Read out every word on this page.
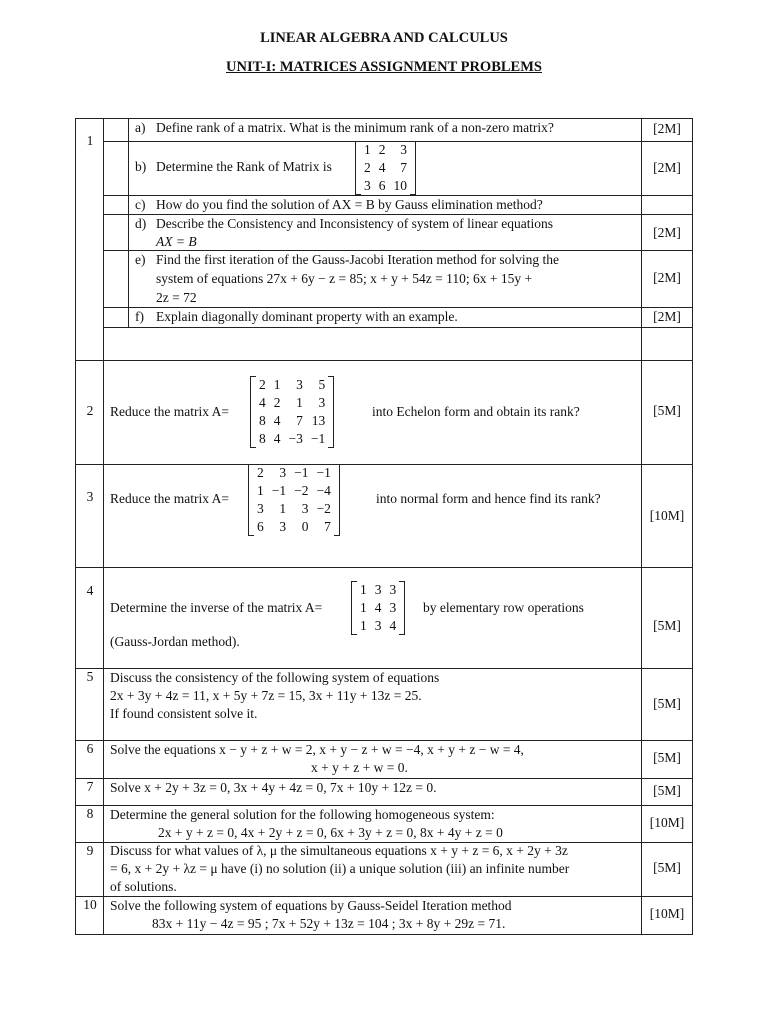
LINEAR ALGEBRA AND CALCULUS
UNIT-I: MATRICES ASSIGNMENT PROBLEMS
1
a) Define rank of a matrix. What is the minimum rank of a non-zero matrix?	[2M]
b) Determine the Rank of Matrix is
1	2	3
2	4	7
3	6	10
[2M]
c) How do you find the solution of AX = B by Gauss elimination method?
d) Describe the Consistency and Inconsistency of system of linear equations
AX = B
[2M]
e) Find the first iteration of the Gauss-Jacobi Iteration method for solving the
system of equations 27x + 6y − z = 85; x + y + 54z = 110; 6x + 15y +
2z = 72
[2M]
f) Explain diagonally dominant property with an example.	[2M]
2	Reduce the matrix A=
2	1	3	5
4	2	1	3
8	4	7	13
8	4	−3	−1
into Echelon form and obtain its rank?	[5M]
3	Reduce the matrix A=
2	3	−1	−1
1	−1	−2	−4
3	1	3	−2
6	3	0	7
into normal form and hence find its rank?
[10M]
4
Determine the inverse of the matrix A=
1	3	3
1	4	3
1	3	4
by elementary row operations
(Gauss-Jordan method).
[5M]
5	Discuss the consistency of the following system of equations
2x + 3y + 4z = 11, x + 5y + 7z = 15, 3x + 11y + 13z = 25.
If found consistent solve it.
[5M]
6	Solve the equations x − y + z + w = 2, x + y − z + w = −4, x + y + z − w = 4,
x + y + z + w = 0.
[5M]
7	Solve x + 2y + 3z = 0, 3x + 4y + 4z = 0, 7x + 10y + 12z = 0.	[5M]
8	Determine the general solution for the following homogeneous system:
2x + y + z = 0, 4x + 2y + z = 0, 6x + 3y + z = 0, 8x + 4y + z = 0
[10M]
9	Discuss for what values of λ, μ the simultaneous equations x + y + z = 6, x + 2y + 3z
= 6, x + 2y + λz = μ have (i) no solution (ii) a unique solution (iii) an infinite number
of solutions.
[5M]
10 Solve the following system of equations by Gauss-Seidel Iteration method
83x + 11y − 4z = 95 ; 7x + 52y + 13z = 104 ; 3x + 8y + 29z = 71.
[10M]
